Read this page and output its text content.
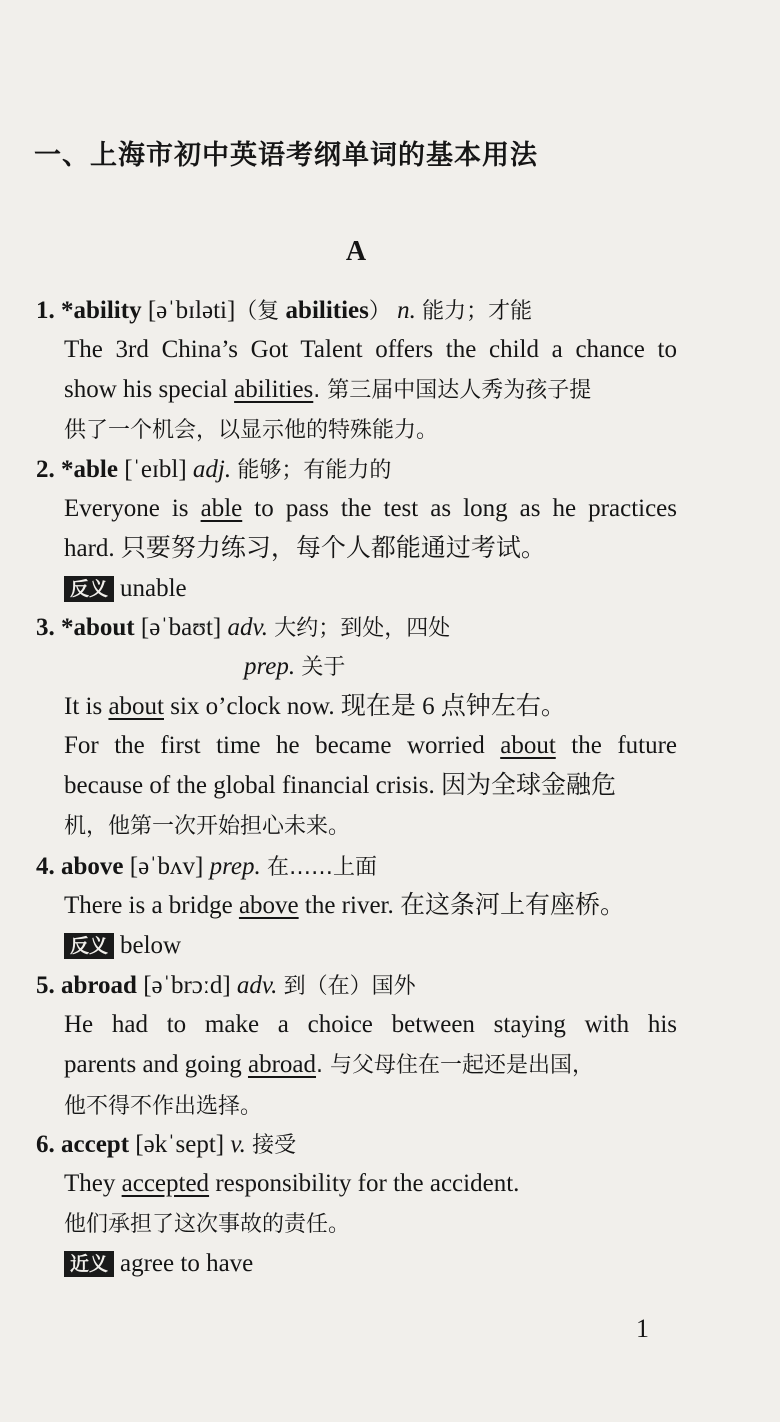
一、上海市初中英语考纲单词的基本用法
A
1. *ability [əˈbɪləti]（复 abilities） n. 能力；才能
The 3rd China’s Got Talent offers the child a chance to
show his special abilities. 第三届中国达人秀为孩子提
供了一个机会，以显示他的特殊能力。
2. *able [ˈeɪbl] adj. 能够；有能力的
Everyone is able to pass the test as long as he practices
hard. 只要努力练习，每个人都能通过考试。
反义 unable
3. *about [əˈbaʊt] adv. 大约；到处，四处
prep. 关于
It is about six o’clock now. 现在是 6 点钟左右。
For the first time he became worried about the future
because of the global financial crisis. 因为全球金融危
机，他第一次开始担心未来。
4. above [əˈbʌv] prep. 在……上面
There is a bridge above the river. 在这条河上有座桥。
反义 below
5. abroad [əˈbrɔːd] adv. 到（在）国外
He had to make a choice between staying with his
parents and going abroad. 与父母住在一起还是出国，
他不得不作出选择。
6. accept [əkˈsept] v. 接受
They accepted responsibility for the accident.
他们承担了这次事故的责任。
近义 agree to have
1
